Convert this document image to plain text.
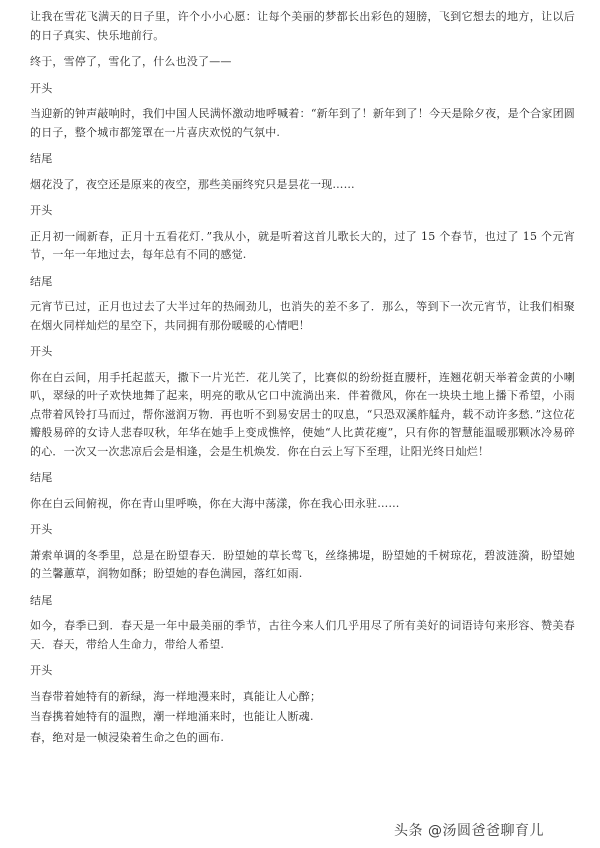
让我在雪花飞满天的日子里，许个小小心愿：让每个美丽的梦都长出彩色的翅膀，飞到它想去的地方，让以后的日子真实、快乐地前行。

终于，雪停了，雪化了，什么也没了——

开头

当迎新的钟声敲响时，我们中国人民满怀激动地呼喊着：“新年到了！新年到了！今天是除夕夜，是个合家团圆的日子，整个城市都笼罩在一片喜庆欢悦的气氛中.

结尾

烟花没了，夜空还是原来的夜空，那些美丽终究只是昙花一现……

开头

正月初一闹新春，正月十五看花灯．”我从小，就是听着这首儿歌长大的，过了 15 个春节，也过了 15 个元宵节，一年一年地过去，每年总有不同的感觉.

结尾

元宵节已过，正月也过去了大半过年的热闹劲儿，也消失的差不多了．那么，等到下一次元宵节，让我们相聚在烟火同样灿烂的星空下，共同拥有那份暖暖的心情吧！

开头

你在白云间，用手托起蓝天，撒下一片光芒．花儿笑了，比赛似的纷纷挺直腰杆，连翘花朝天举着金黄的小喇叭，翠绿的叶子欢快地舞了起来，明亮的歌从它口中流淌出来．伴着微风，你在一块块土地上播下希望，小雨点带着风铃打马而过，帮你滋润万物．再也听不到易安居士的叹息，“只恐双溪舴艋舟，载不动许多愁．”这位花瓣般易碎的女诗人悲春叹秋，年华在她手上变成憔悴，使她“人比黄花瘦”，只有你的智慧能温暖那颗冰冷易碎的心．一次又一次悲凉后会是相逢，会是生机焕发．你在白云上写下至理，让阳光终日灿烂！

结尾

你在白云间俯视，你在青山里呼唤，你在大海中荡漾，你在我心田永驻……

开头

萧索单调的冬季里，总是在盼望春天．盼望她的草长莺飞，丝绦拂堤，盼望她的千树琼花，碧波涟漪，盼望她的兰馨蕙草，润物如酥；盼望她的春色满园，落红如雨.

结尾

如今，春季已到．春天是一年中最美丽的季节，古往今来人们几乎用尽了所有美好的词语诗句来形容、赞美春天．春天，带给人生命力，带给人希望.

开头

当春带着她特有的新绿，海一样地漫来时，真能让人心醉；

当春携着她特有的温煦，潮一样地涌来时，也能让人断魂.

春，绝对是一帧浸染着生命之色的画布.

头条 @汤圆爸爸聊育儿
